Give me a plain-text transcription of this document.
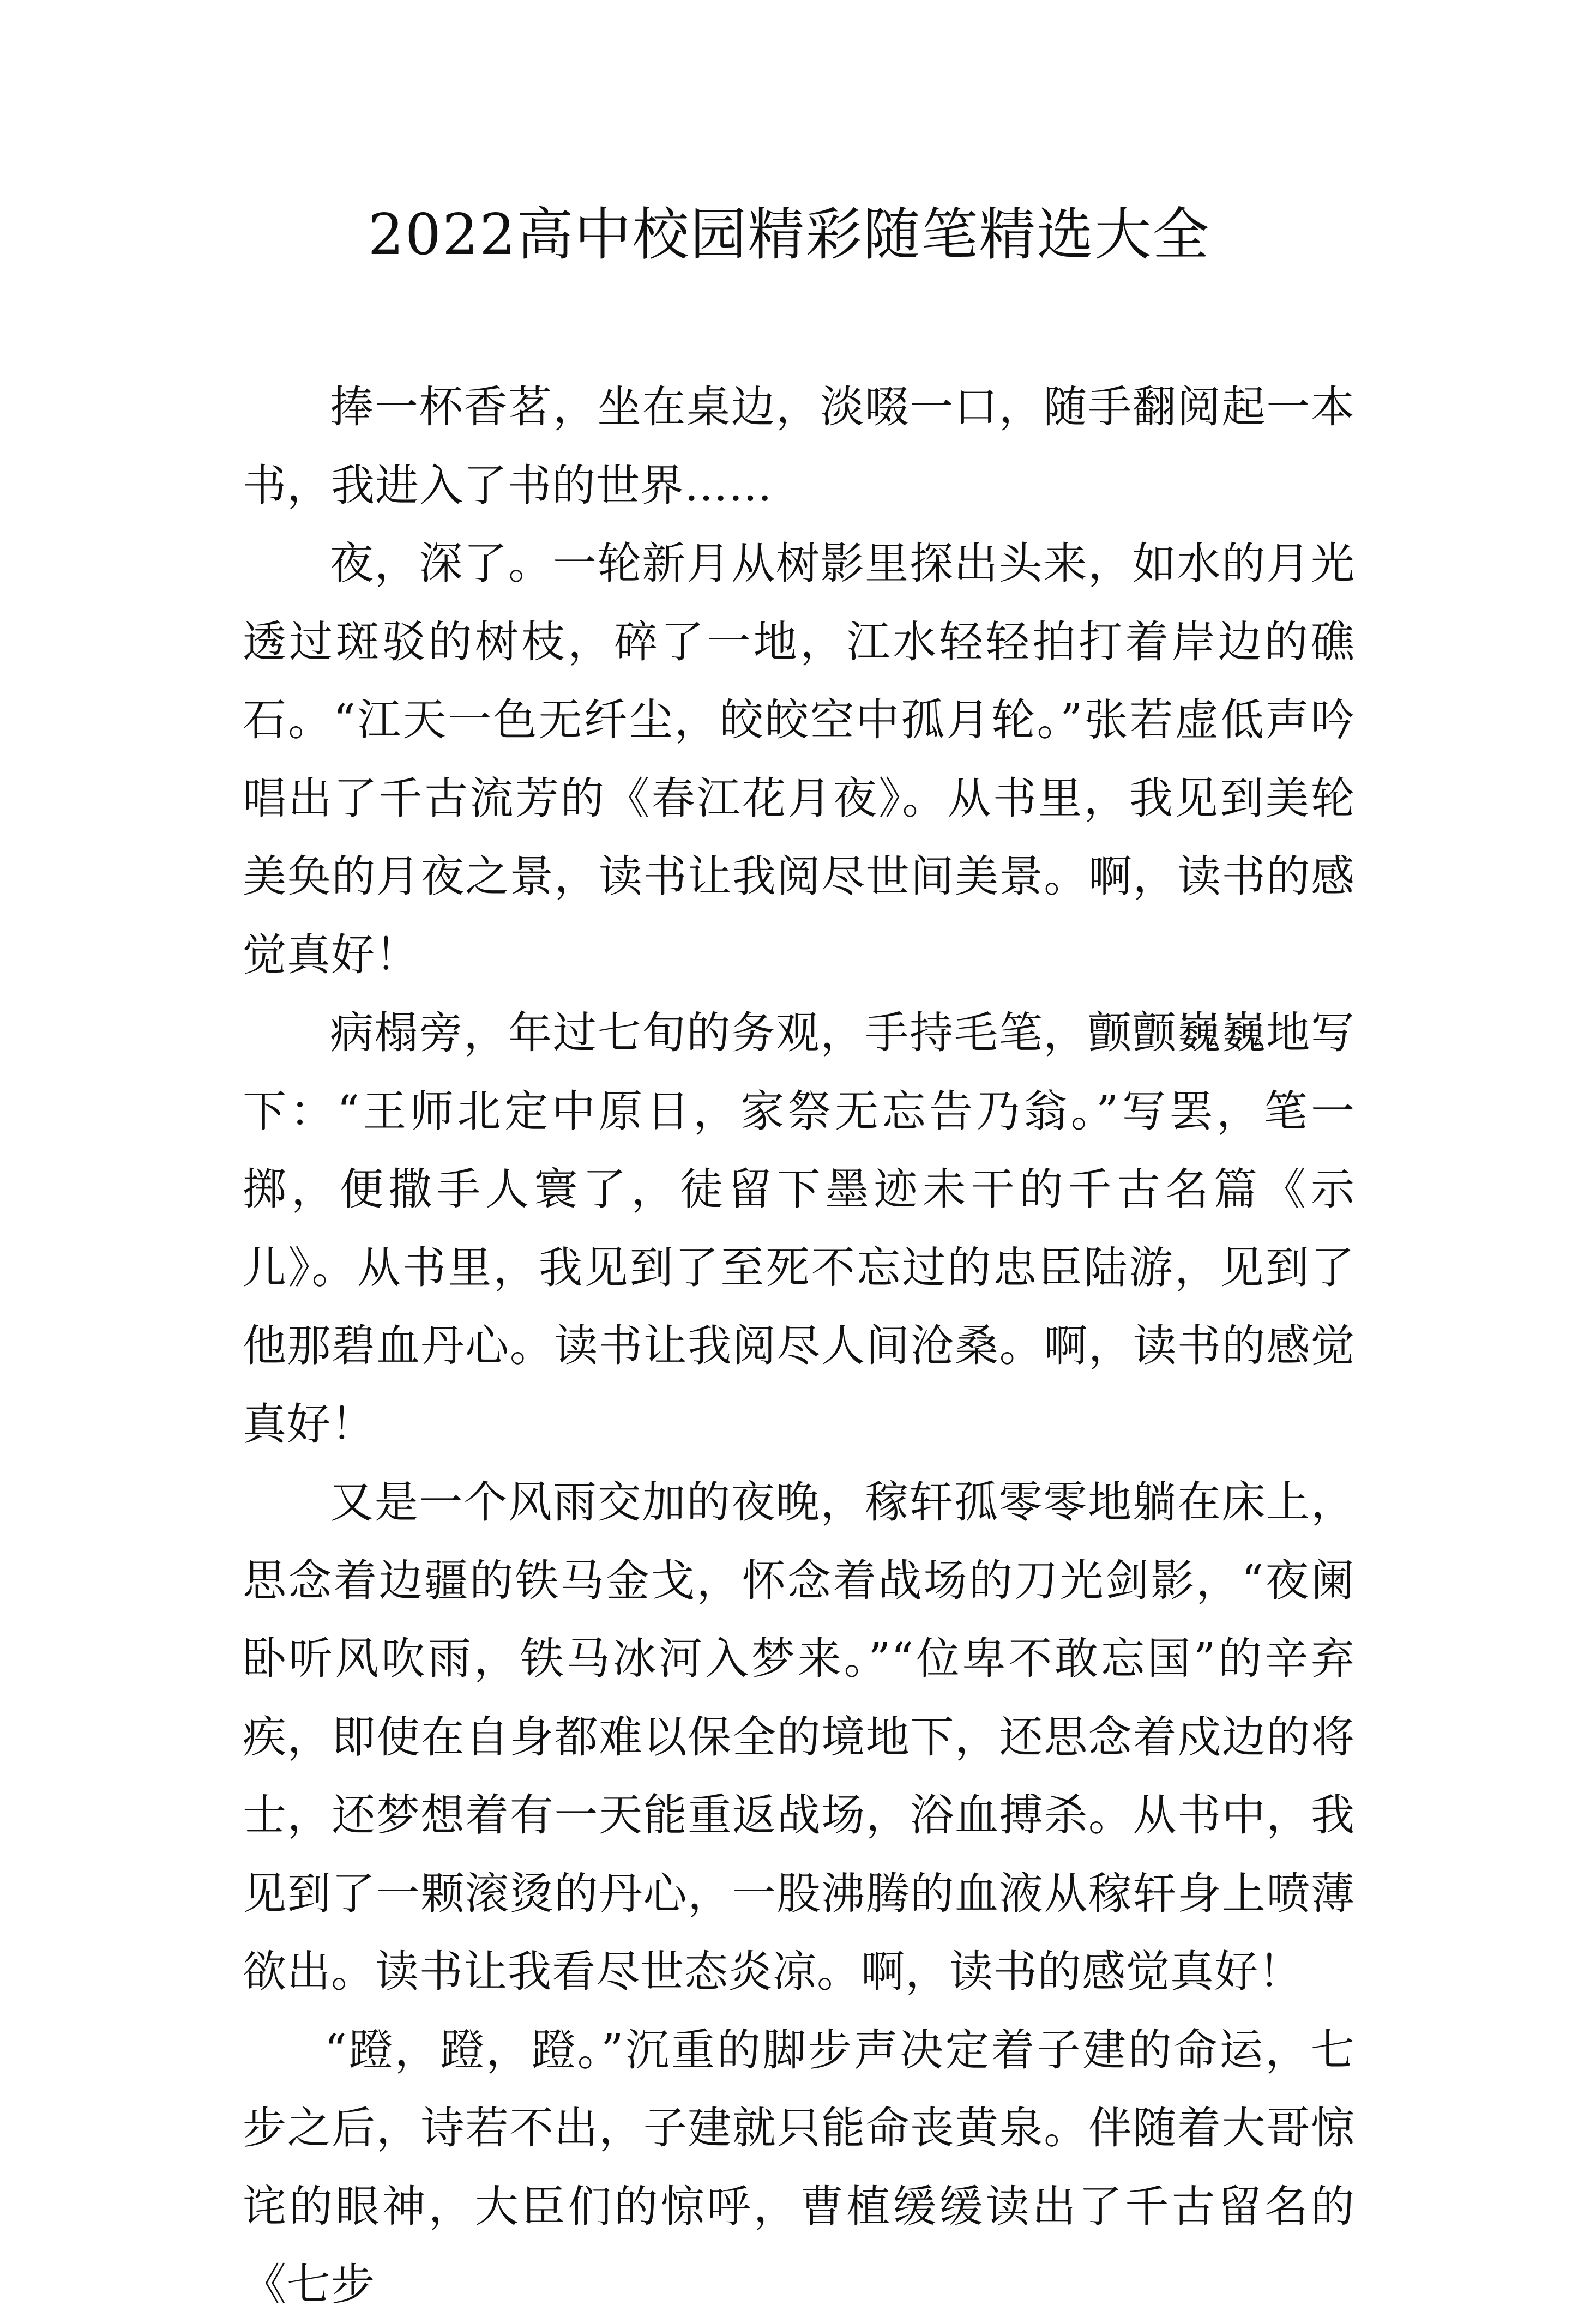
2022高中校园精彩随笔精选大全

捧一杯香茗，坐在桌边，淡啜一口，随手翻阅起一本书，我进入了书的世界……

夜，深了。一轮新月从树影里探出头来，如水的月光透过斑驳的树枝，碎了一地，江水轻轻拍打着岸边的礁石。“江天一色无纤尘，皎皎空中孤月轮。”张若虚低声吟唱出了千古流芳的《春江花月夜》。从书里，我见到美轮美奂的月夜之景，读书让我阅尽世间美景。啊，读书的感觉真好！

病榻旁，年过七旬的务观，手持毛笔，颤颤巍巍地写下：“王师北定中原日，家祭无忘告乃翁。”写罢，笔一掷，便撒手人寰了，徒留下墨迹未干的千古名篇《示儿》。从书里，我见到了至死不忘过的忠臣陆游，见到了他那碧血丹心。读书让我阅尽人间沧桑。啊，读书的感觉真好！

又是一个风雨交加的夜晚，稼轩孤零零地躺在床上，思念着边疆的铁马金戈，怀念着战场的刀光剑影，“夜阑卧听风吹雨，铁马冰河入梦来。”“位卑不敢忘国”的辛弃疾，即使在自身都难以保全的境地下，还思念着戍边的将士，还梦想着有一天能重返战场，浴血搏杀。从书中，我见到了一颗滚烫的丹心，一股沸腾的血液从稼轩身上喷薄欲出。读书让我看尽世态炎凉。啊，读书的感觉真好！

“蹬，蹬，蹬。”沉重的脚步声决定着子建的命运，七步之后，诗若不出，子建就只能命丧黄泉。伴随着大哥惊诧的眼神，大臣们的惊呼，曹植缓缓读出了千古留名的《七步
